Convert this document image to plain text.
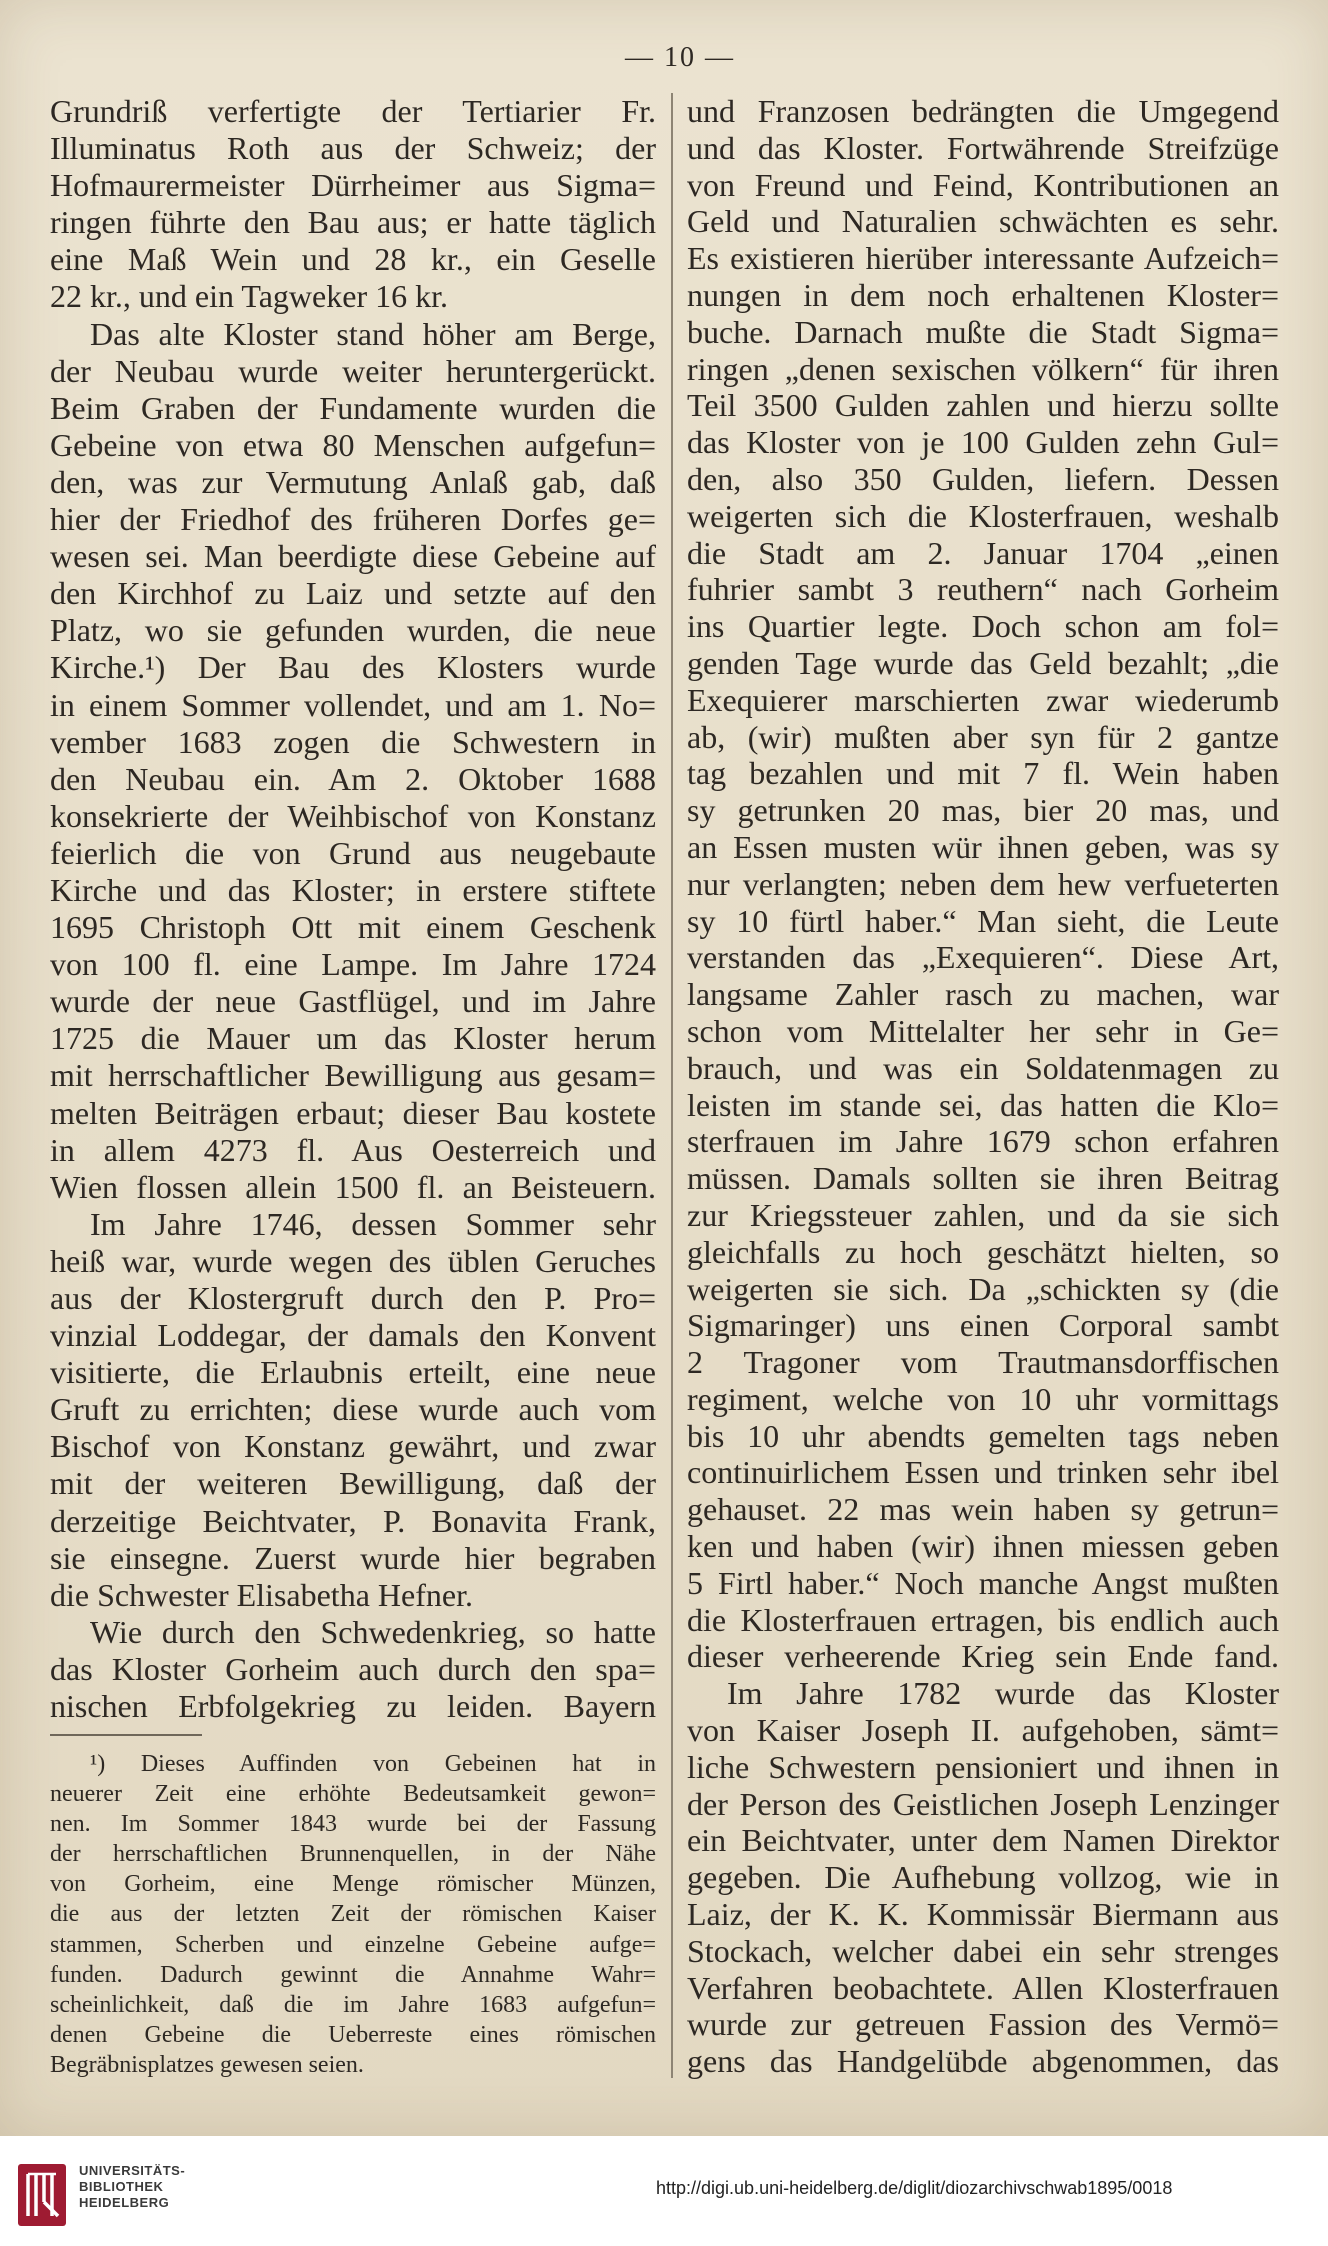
— 10 —
Grundriß verfertigte der Tertiarier Fr.
Illuminatus Roth aus der Schweiz; der
Hofmaurermeister Dürrheimer aus Sigma=
ringen führte den Bau aus; er hatte täglich
eine Maß Wein und 28 kr., ein Geselle
22 kr., und ein Tagweker 16 kr.
Das alte Kloster stand höher am Berge,
der Neubau wurde weiter heruntergerückt.
Beim Graben der Fundamente wurden die
Gebeine von etwa 80 Menschen aufgefun=
den, was zur Vermutung Anlaß gab, daß
hier der Friedhof des früheren Dorfes ge=
wesen sei. Man beerdigte diese Gebeine auf
den Kirchhof zu Laiz und setzte auf den
Platz, wo sie gefunden wurden, die neue
Kirche.¹) Der Bau des Klosters wurde
in einem Sommer vollendet, und am 1. No=
vember 1683 zogen die Schwestern in
den Neubau ein. Am 2. Oktober 1688
konsekrierte der Weihbischof von Konstanz
feierlich die von Grund aus neugebaute
Kirche und das Kloster; in erstere stiftete
1695 Christoph Ott mit einem Geschenk
von 100 fl. eine Lampe. Im Jahre 1724
wurde der neue Gastflügel, und im Jahre
1725 die Mauer um das Kloster herum
mit herrschaftlicher Bewilligung aus gesam=
melten Beiträgen erbaut; dieser Bau kostete
in allem 4273 fl. Aus Oesterreich und
Wien flossen allein 1500 fl. an Beisteuern.
Im Jahre 1746, dessen Sommer sehr
heiß war, wurde wegen des üblen Geruches
aus der Klostergruft durch den P. Pro=
vinzial Loddegar, der damals den Konvent
visitierte, die Erlaubnis erteilt, eine neue
Gruft zu errichten; diese wurde auch vom
Bischof von Konstanz gewährt, und zwar
mit der weiteren Bewilligung, daß der
derzeitige Beichtvater, P. Bonavita Frank,
sie einsegne. Zuerst wurde hier begraben
die Schwester Elisabetha Hefner.
Wie durch den Schwedenkrieg, so hatte
das Kloster Gorheim auch durch den spa=
nischen Erbfolgekrieg zu leiden. Bayern
und Franzosen bedrängten die Umgegend
und das Kloster. Fortwährende Streifzüge
von Freund und Feind, Kontributionen an
Geld und Naturalien schwächten es sehr.
Es existieren hierüber interessante Aufzeich=
nungen in dem noch erhaltenen Kloster=
buche. Darnach mußte die Stadt Sigma=
ringen „denen sexischen völkern“ für ihren
Teil 3500 Gulden zahlen und hierzu sollte
das Kloster von je 100 Gulden zehn Gul=
den, also 350 Gulden, liefern. Dessen
weigerten sich die Klosterfrauen, weshalb
die Stadt am 2. Januar 1704 „einen
fuhrier sambt 3 reuthern“ nach Gorheim
ins Quartier legte. Doch schon am fol=
genden Tage wurde das Geld bezahlt; „die
Exequierer marschierten zwar wiederumb
ab, (wir) mußten aber syn für 2 gantze
tag bezahlen und mit 7 fl. Wein haben
sy getrunken 20 mas, bier 20 mas, und
an Essen musten wür ihnen geben, was sy
nur verlangten; neben dem hew verfueterten
sy 10 fürtl haber.“ Man sieht, die Leute
verstanden das „Exequieren“. Diese Art,
langsame Zahler rasch zu machen, war
schon vom Mittelalter her sehr in Ge=
brauch, und was ein Soldatenmagen zu
leisten im stande sei, das hatten die Klo=
sterfrauen im Jahre 1679 schon erfahren
müssen. Damals sollten sie ihren Beitrag
zur Kriegssteuer zahlen, und da sie sich
gleichfalls zu hoch geschätzt hielten, so
weigerten sie sich. Da „schickten sy (die
Sigmaringer) uns einen Corporal sambt
2 Tragoner vom Trautmansdorffischen
regiment, welche von 10 uhr vormittags
bis 10 uhr abendts gemelten tags neben
continuirlichem Essen und trinken sehr ibel
gehauset. 22 mas wein haben sy getrun=
ken und haben (wir) ihnen miessen geben
5 Firtl haber.“ Noch manche Angst mußten
die Klosterfrauen ertragen, bis endlich auch
dieser verheerende Krieg sein Ende fand.
Im Jahre 1782 wurde das Kloster
von Kaiser Joseph II. aufgehoben, sämt=
liche Schwestern pensioniert und ihnen in
der Person des Geistlichen Joseph Lenzinger
ein Beichtvater, unter dem Namen Direktor
gegeben. Die Aufhebung vollzog, wie in
Laiz, der K. K. Kommissär Biermann aus
Stockach, welcher dabei ein sehr strenges
Verfahren beobachtete. Allen Klosterfrauen
wurde zur getreuen Fassion des Vermö=
gens das Handgelübde abgenommen, das
¹) Dieses Auffinden von Gebeinen hat in
neuerer Zeit eine erhöhte Bedeutsamkeit gewon=
nen. Im Sommer 1843 wurde bei der Fassung
der herrschaftlichen Brunnenquellen, in der Nähe
von Gorheim, eine Menge römischer Münzen,
die aus der letzten Zeit der römischen Kaiser
stammen, Scherben und einzelne Gebeine aufge=
funden. Dadurch gewinnt die Annahme Wahr=
scheinlichkeit, daß die im Jahre 1683 aufgefun=
denen Gebeine die Ueberreste eines römischen
Begräbnisplatzes gewesen seien.
UNIVERSITÄTS-
BIBLIOTHEK
HEIDELBERG
http://digi.ub.uni-heidelberg.de/diglit/diozarchivschwab1895/0018
